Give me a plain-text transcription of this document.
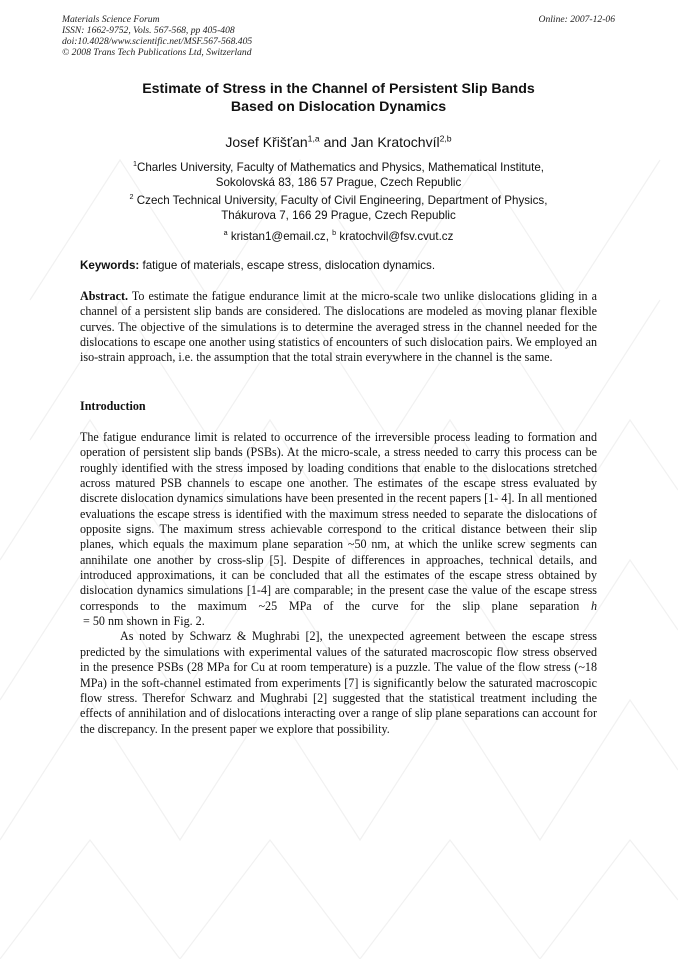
Materials Science Forum
ISSN: 1662-9752, Vols. 567-568, pp 405-408
doi:10.4028/www.scientific.net/MSF.567-568.405
© 2008 Trans Tech Publications Ltd, Switzerland
Online: 2007-12-06
Estimate of Stress in the Channel of Persistent Slip Bands
Based on Dislocation Dynamics
Josef Křišťan$^{1,a}$ and Jan Kratochvíl$^{2,b}$
$^1$Charles University, Faculty of Mathematics and Physics, Mathematical Institute,
Sokolovská 83, 186 57 Prague, Czech Republic
$^2$ Czech Technical University, Faculty of Civil Engineering, Department of Physics,
Thákurova 7, 166 29 Prague, Czech Republic
$^a$ kristan1@email.cz, $^b$ kratochvil@fsv.cvut.cz
Keywords: fatigue of materials, escape stress, dislocation dynamics.
Abstract. To estimate the fatigue endurance limit at the micro-scale two unlike dislocations gliding in a channel of a persistent slip bands are considered. The dislocations are modeled as moving planar flexible curves. The objective of the simulations is to determine the averaged stress in the channel needed for the dislocations to escape one another using statistics of encounters of such dislocation pairs. We employed an iso-strain approach, i.e. the assumption that the total strain everywhere in the channel is the same.
Introduction

The fatigue endurance limit is related to occurrence of the irreversible process leading to formation and operation of persistent slip bands (PSBs). At the micro-scale, a stress needed to carry this process can be roughly identified with the stress imposed by loading conditions that enable to the dislocations stretched across matured PSB channels to escape one another. The estimates of the escape stress evaluated by discrete dislocation dynamics simulations have been presented in the recent papers [1- 4]. In all mentioned evaluations the escape stress is identified with the maximum stress needed to separate the dislocations of opposite signs. The maximum stress achievable correspond to the critical distance between their slip planes, which equals the maximum plane separation ~50 nm, at which the unlike screw segments can annihilate one another by cross-slip [5]. Despite of differences in approaches, technical details, and introduced approximations, it can be concluded that all the estimates of the escape stress obtained by dislocation dynamics simulations [1-4] are comparable; in the present case the value of the escape stress corresponds to the maximum ~25 MPa of the curve for the slip plane separation h = 50 nm shown in Fig. 2.

As noted by Schwarz & Mughrabi [2], the unexpected agreement between the escape stress predicted by the simulations with experimental values of the saturated macroscopic flow stress observed in the presence PSBs (28 MPa for Cu at room temperature) is a puzzle. The value of the flow stress (~18 MPa) in the soft-channel estimated from experiments [7] is significantly below the saturated macroscopic flow stress. Therefor Schwarz and Mughrabi [2] suggested that the statistical treatment including the effects of annihilation and of dislocations interacting over a range of slip plane separations can account for the discrepancy. In the present paper we explore that possibility.
